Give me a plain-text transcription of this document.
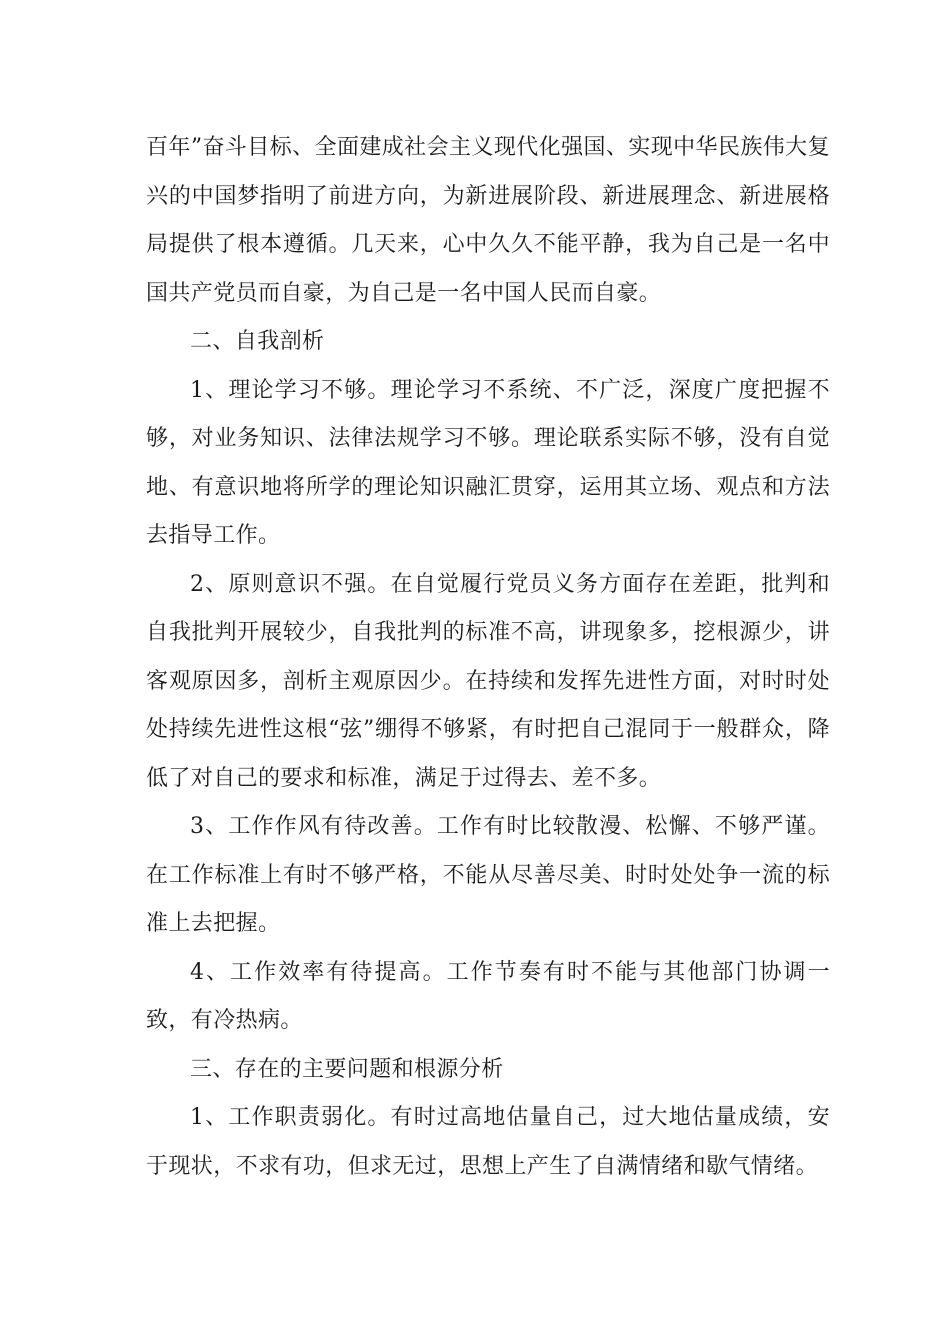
百年”奋斗目标、全面建成社会主义现代化强国、实现中华民族伟大复兴的中国梦指明了前进方向，为新进展阶段、新进展理念、新进展格局提供了根本遵循。几天来，心中久久不能平静，我为自己是一名中国共产党员而自豪，为自己是一名中国人民而自豪。

二、自我剖析

1、理论学习不够。理论学习不系统、不广泛，深度广度把握不够，对业务知识、法律法规学习不够。理论联系实际不够，没有自觉地、有意识地将所学的理论知识融汇贯穿，运用其立场、观点和方法去指导工作。

2、原则意识不强。在自觉履行党员义务方面存在差距，批判和自我批判开展较少，自我批判的标准不高，讲现象多，挖根源少，讲客观原因多，剖析主观原因少。在持续和发挥先进性方面，对时时处处持续先进性这根“弦”绷得不够紧，有时把自己混同于一般群众，降低了对自己的要求和标准，满足于过得去、差不多。

3、工作作风有待改善。工作有时比较散漫、松懈、不够严谨。在工作标准上有时不够严格，不能从尽善尽美、时时处处争一流的标准上去把握。

4、工作效率有待提高。工作节奏有时不能与其他部门协调一致，有冷热病。

三、存在的主要问题和根源分析

1、工作职责弱化。有时过高地估量自己，过大地估量成绩，安于现状，不求有功，但求无过，思想上产生了自满情绪和歇气情绪。
